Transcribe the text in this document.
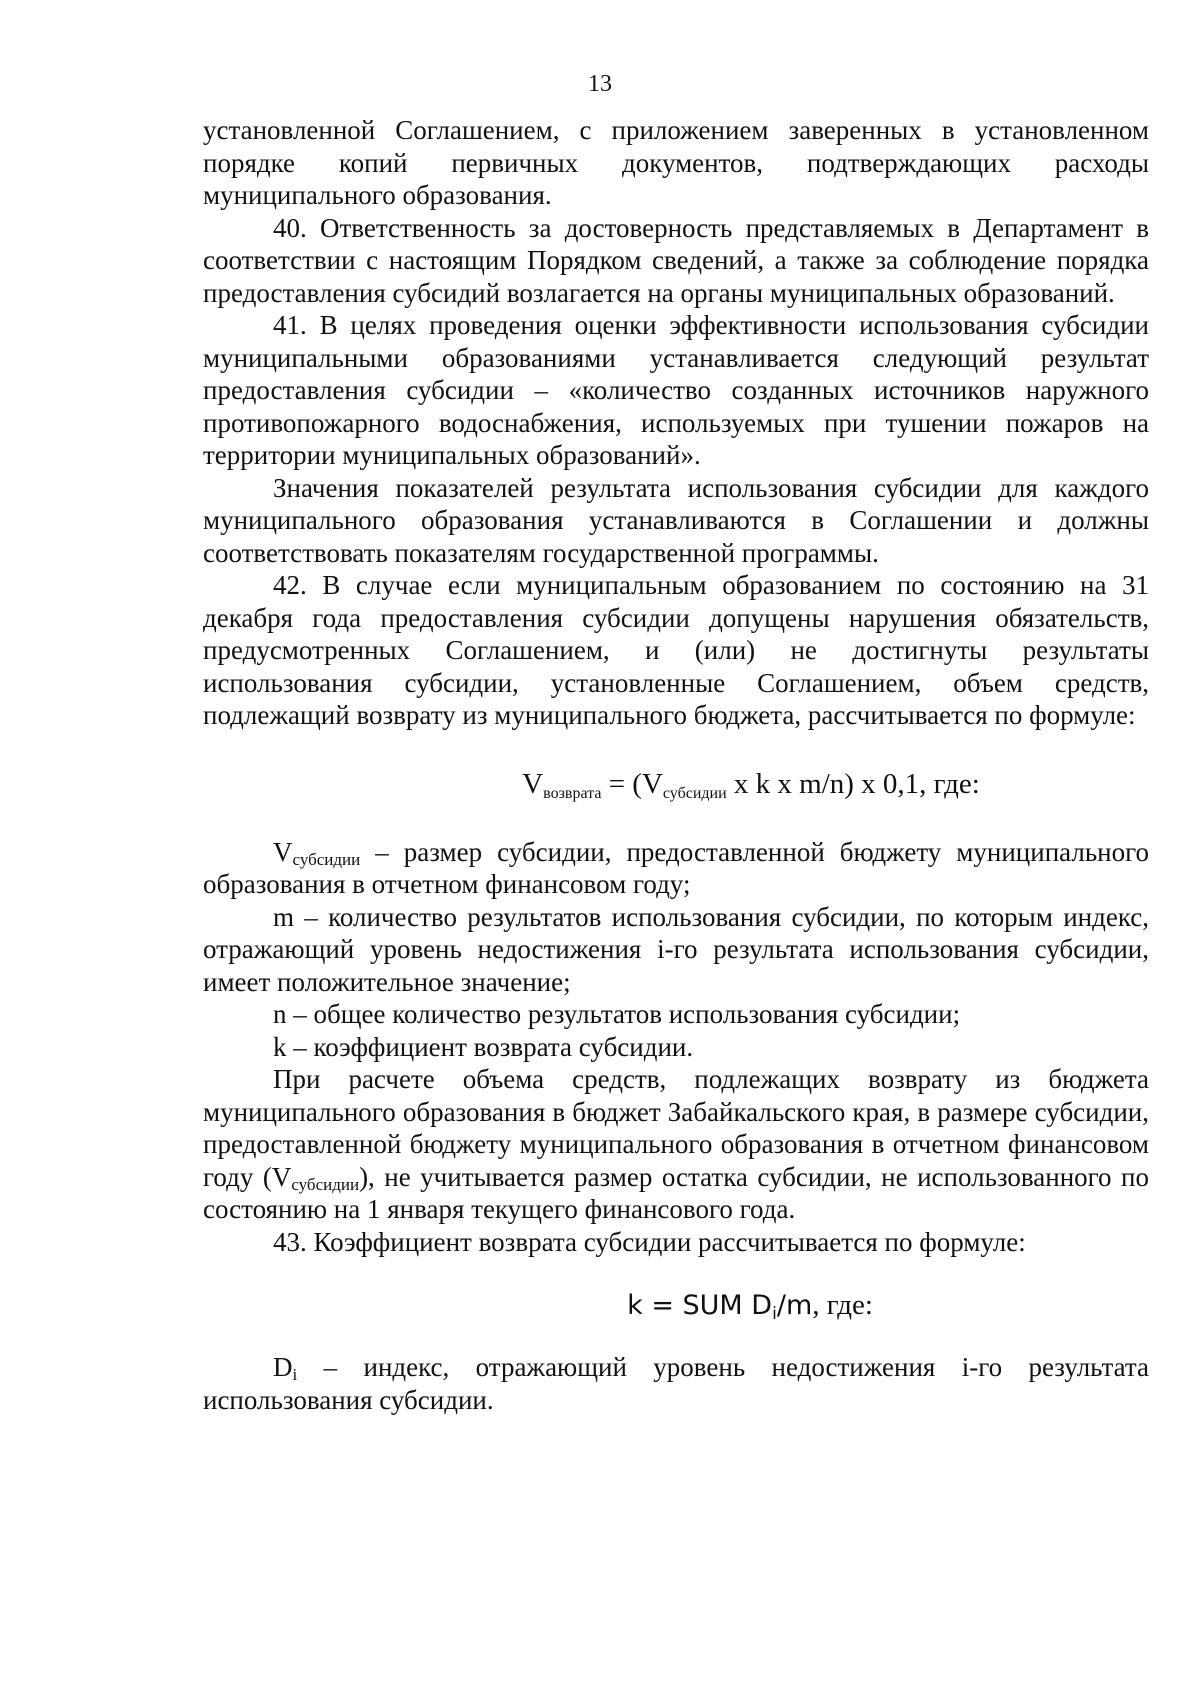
13

установленной Соглашением, с приложением заверенных в установленном порядке копий первичных документов, подтверждающих расходы муниципального образования.

40. Ответственность за достоверность представляемых в Департамент в соответствии с настоящим Порядком сведений, а также за соблюдение порядка предоставления субсидий возлагается на органы муниципальных образований.

41. В целях проведения оценки эффективности использования субсидии муниципальными образованиями устанавливается следующий результат предоставления субсидии – «количество созданных источников наружного противопожарного водоснабжения, используемых при тушении пожаров на территории муниципальных образований».

Значения показателей результата использования субсидии для каждого муниципального образования устанавливаются в Соглашении и должны соответствовать показателям государственной программы.

42. В случае если муниципальным образованием по состоянию на 31 декабря года предоставления субсидии допущены нарушения обязательств, предусмотренных Соглашением, и (или) не достигнуты результаты использования субсидии, установленные Соглашением, объем средств, подлежащий возврату из муниципального бюджета, рассчитывается по формуле:

$V_{возврата} = (V_{субсидии}$ x k x m/n) x 0,1, где:

Vсубсидии – размер субсидии, предоставленной бюджету муниципального образования в отчетном финансовом году;

m – количество результатов использования субсидии, по которым индекс, отражающий уровень недостижения i-го результата использования субсидии, имеет положительное значение;

n – общее количество результатов использования субсидии;

k – коэффициент возврата субсидии.

При расчете объема средств, подлежащих возврату из бюджета муниципального образования в бюджет Забайкальского края, в размере субсидии, предоставленной бюджету муниципального образования в отчетном финансовом году (Vсубсидии), не учитывается размер остатка субсидии, не использованного по состоянию на 1 января текущего финансового года.

43. Коэффициент возврата субсидии рассчитывается по формуле:

k = SUM Di/m, где:

Di – индекс, отражающий уровень недостижения i-го результата использования субсидии.
